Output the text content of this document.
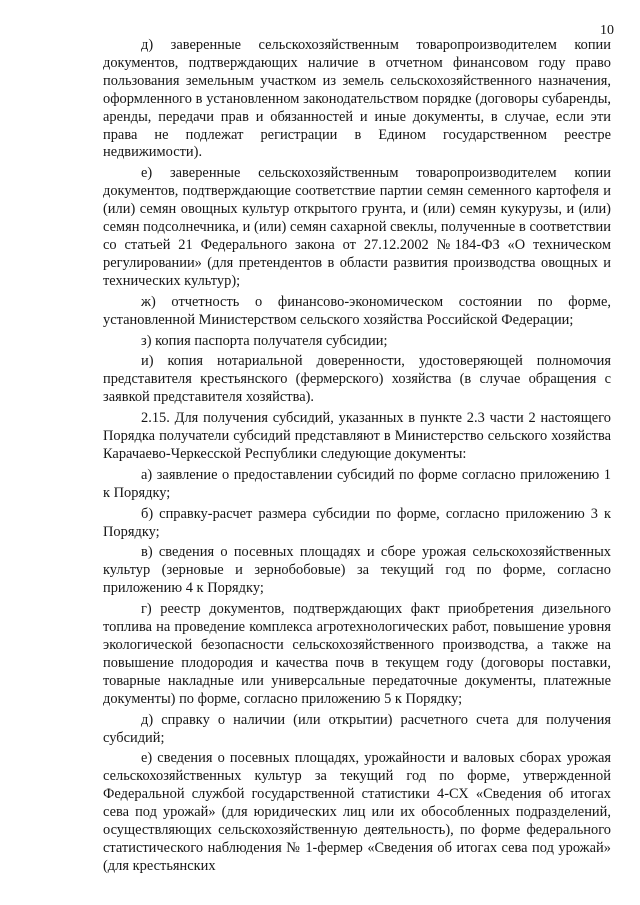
10

д) заверенные сельскохозяйственным товаропроизводителем копии документов, подтверждающих наличие в отчетном финансовом году право пользования земельным участком из земель сельскохозяйственного назначения, оформленного в установленном законодательством порядке (договоры субаренды, аренды, передачи прав и обязанностей и иные документы, в случае, если эти права не подлежат регистрации в Едином государственном реестре недвижимости).

е) заверенные сельскохозяйственным товаропроизводителем копии документов, подтверждающие соответствие партии семян семенного картофеля и (или) семян овощных культур открытого грунта, и (или) семян кукурузы, и (или) семян подсолнечника, и (или) семян сахарной свеклы, полученные в соответствии со статьей 21 Федерального закона от 27.12.2002 №184-ФЗ «О техническом регулировании» (для претендентов в области развития производства овощных и технических культур);

ж) отчетность о финансово-экономическом состоянии по форме, установленной Министерством сельского хозяйства Российской Федерации;

з) копия паспорта получателя субсидии;

и) копия нотариальной доверенности, удостоверяющей полномочия представителя крестьянского (фермерского) хозяйства (в случае обращения с заявкой представителя хозяйства).

2.15. Для получения субсидий, указанных в пункте 2.3 части 2 настоящего Порядка получатели субсидий представляют в Министерство сельского хозяйства Карачаево-Черкесской Республики следующие документы:

а) заявление о предоставлении субсидий по форме согласно приложению 1 к Порядку;

б) справку-расчет размера субсидии по форме, согласно приложению 3 к Порядку;

в) сведения о посевных площадях и сборе урожая сельскохозяйственных культур (зерновые и зернобобовые) за текущий год по форме, согласно приложению 4 к Порядку;

г) реестр документов, подтверждающих факт приобретения дизельного топлива на проведение комплекса агротехнологических работ, повышение уровня экологической безопасности сельскохозяйственного производства, а также на повышение плодородия и качества почв в текущем году (договоры поставки, товарные накладные или универсальные передаточные документы, платежные документы) по форме, согласно приложению 5 к Порядку;

д) справку о наличии (или открытии) расчетного счета для получения субсидий;

е) сведения о посевных площадях, урожайности и валовых сборах урожая сельскохозяйственных культур за текущий год по форме, утвержденной Федеральной службой государственной статистики 4-СХ «Сведения об итогах сева под урожай» (для юридических лиц или их обособленных подразделений, осуществляющих сельскохозяйственную деятельность), по форме федерального статистического наблюдения № 1-фермер «Сведения об итогах сева под урожай» (для крестьянских
